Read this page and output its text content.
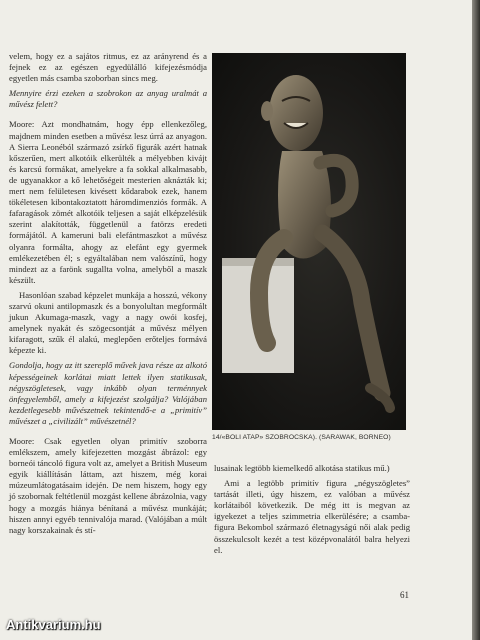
velem, hogy ez a sajátos ritmus, ez az arányrend és a fejnek ez az egészen egyedülálló kifejezésmódja egyetlen más csamba szoborban sincs meg.

Mennyire érzi ezeken a szobrokon az anyag uralmát a művész felett?

Moore: Azt mondhatnám, hogy épp ellenkezőleg, majdnem minden esetben a művész lesz úrrá az anyagon. A Sierra Leonéból származó zsírkő figurák azért hatnak kőszerűen, mert alkotóik elkerülték a mélyebben kivájt és karcsú formákat, amelyekre a fa sokkal alkalmasabb, de ugyanakkor a kő lehetőségeit mesterien aknázták ki; mert nem felületesen kivésett kődarabok ezek, hanem tökéletesen kibontakoztatott háromdimenziós formák. A fafaragások zömét alkotóik teljesen a saját elképzelésük szerint alakították, függetlenül a fatörzs eredeti formájától. A kameruni bali elefántmaszkot a művész olyanra formálta, ahogy az elefánt egy gyermek emlékezetében él; s egyáltalában nem valószínű, hogy mindezt az a farönk sugallta volna, amelyből a maszk készült.

Hasonlóan szabad képzelet munkája a hosszú, vékony szarvú okuni antilopmaszk és a bonyolultan megformált jukun Akumaga-maszk, vagy a nagy owói kosfej, amelynek nyakát és szögecsontját a művész mélyen kifaragott, szűk él alakú, meglepően erőteljes formává képezte ki.

Gondolja, hogy az itt szereplő művek java része az alkotó képességeinek korlátai miatt lettek ilyen statikusak, négyszögletesek, vagy inkább olyan terménnyek önfegyelemből, amely a kifejezést szolgálja? Valójában kezdetlegesebb művészetnek tekintendő-e a „primitív” művészet a „civilizált” művészetnél?

Moore: Csak egyetlen olyan primitív szoborra emlékszem, amely kifejezetten mozgást ábrázol: egy borneói táncoló figura volt az, amelyet a British Museum egyik kiállításán láttam, azt hiszem, még korai múzeumlátogatásaim idején. De nem hiszem, hogy egy jó szobornak feltétlenül mozgást kellene ábrázolnia, vagy hogy a mozgás hiánya bénítaná a művész munkáját; hiszen annyi egyéb tennivalója marad. (Valójában a múlt nagy korszakainak és stí-

14/«BOLI ATAP» SZOBROCSKA). (SARAWAK, BORNEO)

lusainak legtöbb kiemelkedő alkotása statikus mű.)

Ami a legtöbb primitív figura „négyszögletes” tartását illeti, úgy hiszem, ez valóban a művész korlátaiból következik. De még itt is megvan az igyekezet a teljes szimmetria elkerülésére; a csamba-figura Bekombol származó életnagyságú női alak pedig összekulcsolt kezét a test középvonalától balra helyezi el.

61
Antikvarium.hu
